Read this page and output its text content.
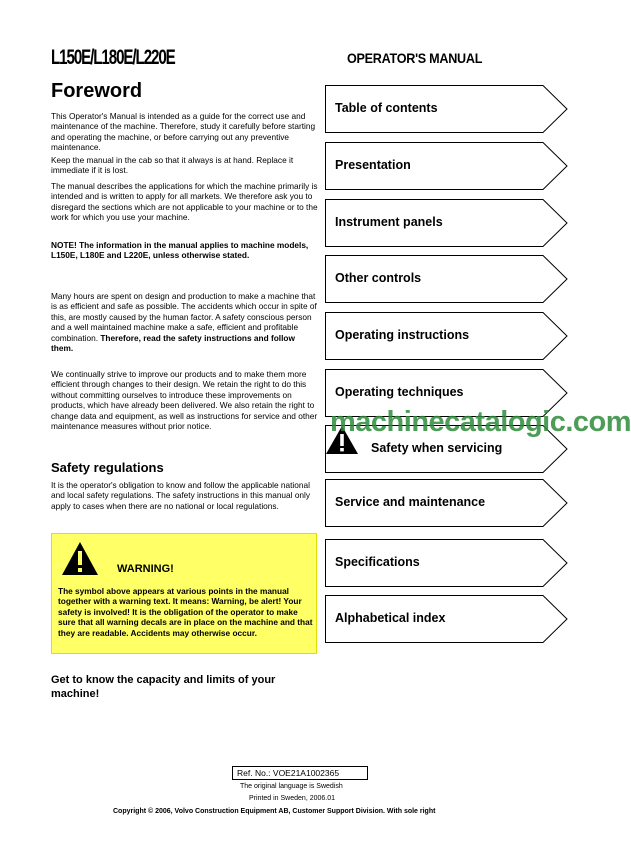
L150E/L180E/L220E	OPERATOR'S MANUAL
Foreword
This Operator's Manual is intended as a guide for the correct use and maintenance of the machine. Therefore, study it carefully before starting and operating the machine, or before carrying out any preventive maintenance.
Keep the manual in the cab so that it always is at hand. Replace it immediate if it is lost.
The manual describes the applications for which the machine primarily is intended and is written to apply for all markets. We therefore ask you to disregard the sections which are not applicable to your machine or to the work for which you use your machine.
NOTE! The information in the manual applies to machine models, L150E, L180E and L220E, unless otherwise stated.
Many hours are spent on design and production to make a machine that is as efficient and safe as possible. The accidents which occur in spite of this, are mostly caused by the human factor. A safety conscious person and a well maintained machine make a safe, efficient and profitable combination. Therefore, read the safety instructions and follow them.
We continually strive to improve our products and to make them more efficient through changes to their design. We retain the right to do this without committing ourselves to introduce these improvements on products, which have already been delivered. We also retain the right to change data and equipment, as well as instructions for service and other maintenance measures without prior notice.
Safety regulations
It is the operator's obligation to know and follow the applicable national and local safety regulations. The safety instructions in this manual only apply to cases when there are no national or local regulations.
WARNING!
The symbol above appears at various points in the manual together with a warning text. It means: Warning, be alert! Your safety is involved! It is the obligation of the operator to make sure that all warning decals are in place on the machine and that they are readable. Accidents may otherwise occur.
Get to know the capacity and limits of your machine!
Table of contents
Presentation
Instrument panels
Other controls
Operating instructions
Operating techniques
Safety when servicing
Service and maintenance
Specifications
Alphabetical index
machinecatalogic.com
Ref. No.: VOE21A1002365
The original language is Swedish
Printed in Sweden, 2006.01
Copyright © 2006, Volvo Construction Equipment AB, Customer Support Division. With sole right
